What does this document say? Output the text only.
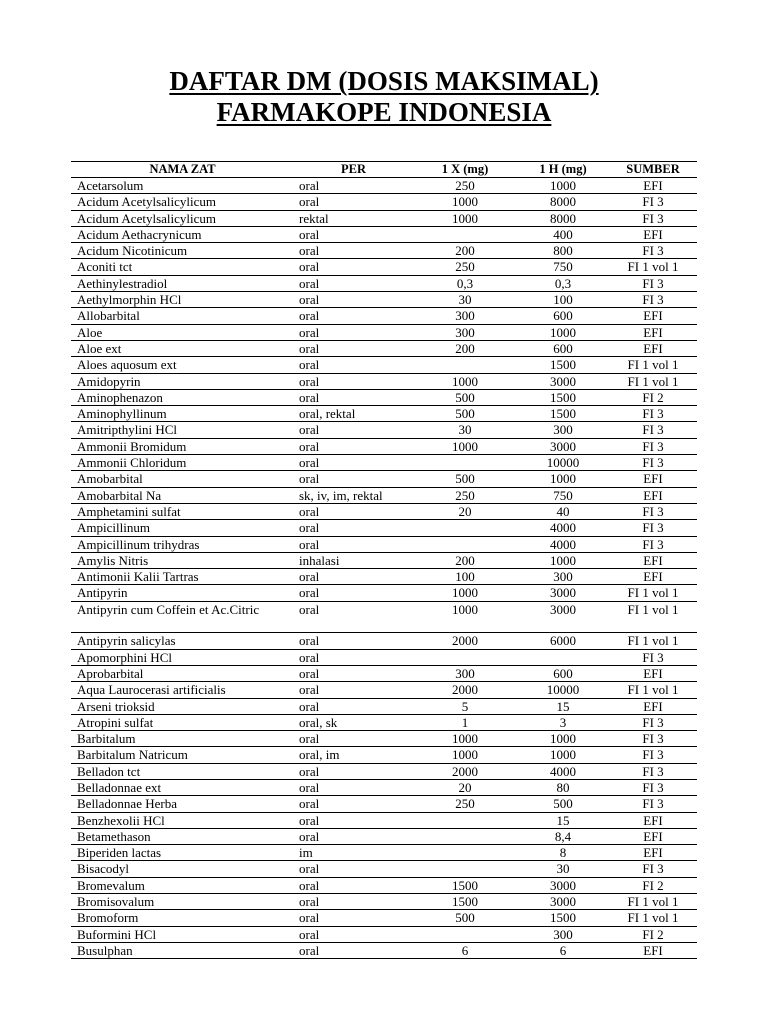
DAFTAR DM (DOSIS MAKSIMAL)
FARMAKOPE INDONESIA
NAMA ZAT	PER	1 X (mg)	1 H (mg)	SUMBER
Acetarsolum	oral	250	1000	EFI
Acidum Acetylsalicylicum	oral	1000	8000	FI 3
Acidum Acetylsalicylicum	rektal	1000	8000	FI 3
Acidum Aethacrynicum	oral		400	EFI
Acidum Nicotinicum	oral	200	800	FI 3
Aconiti tct	oral	250	750	FI 1 vol 1
Aethinylestradiol	oral	0,3	0,3	FI 3
Aethylmorphin HCl	oral	30	100	FI 3
Allobarbital	oral	300	600	EFI
Aloe	oral	300	1000	EFI
Aloe ext	oral	200	600	EFI
Aloes aquosum ext	oral		1500	FI 1 vol 1
Amidopyrin	oral	1000	3000	FI 1 vol 1
Aminophenazon	oral	500	1500	FI 2
Aminophyllinum	oral, rektal	500	1500	FI 3
Amitripthylini HCl	oral	30	300	FI 3
Ammonii Bromidum	oral	1000	3000	FI 3
Ammonii Chloridum	oral		10000	FI 3
Amobarbital	oral	500	1000	EFI
Amobarbital Na	sk, iv, im, rektal	250	750	EFI
Amphetamini sulfat	oral	20	40	FI 3
Ampicillinum	oral		4000	FI 3
Ampicillinum trihydras	oral		4000	FI 3
Amylis Nitris	inhalasi	200	1000	EFI
Antimonii Kalii Tartras	oral	100	300	EFI
Antipyrin	oral	1000	3000	FI 1 vol 1
Antipyrin cum Coffein et Ac.Citric	oral	1000	3000	FI 1 vol 1
Antipyrin salicylas	oral	2000	6000	FI 1 vol 1
Apomorphini HCl	oral			FI 3
Aprobarbital	oral	300	600	EFI
Aqua Laurocerasi artificialis	oral	2000	10000	FI 1 vol 1
Arseni trioksid	oral	5	15	EFI
Atropini sulfat	oral, sk	1	3	FI 3
Barbitalum	oral	1000	1000	FI 3
Barbitalum Natricum	oral, im	1000	1000	FI 3
Belladon tct	oral	2000	4000	FI 3
Belladonnae ext	oral	20	80	FI 3
Belladonnae Herba	oral	250	500	FI 3
Benzhexolii HCl	oral		15	EFI
Betamethason	oral		8,4	EFI
Biperiden lactas	im		8	EFI
Bisacodyl	oral		30	FI 3
Bromevalum	oral	1500	3000	FI 2
Bromisovalum	oral	1500	3000	FI 1 vol 1
Bromoform	oral	500	1500	FI 1 vol 1
Buformini HCl	oral		300	FI 2
Busulphan	oral	6	6	EFI
